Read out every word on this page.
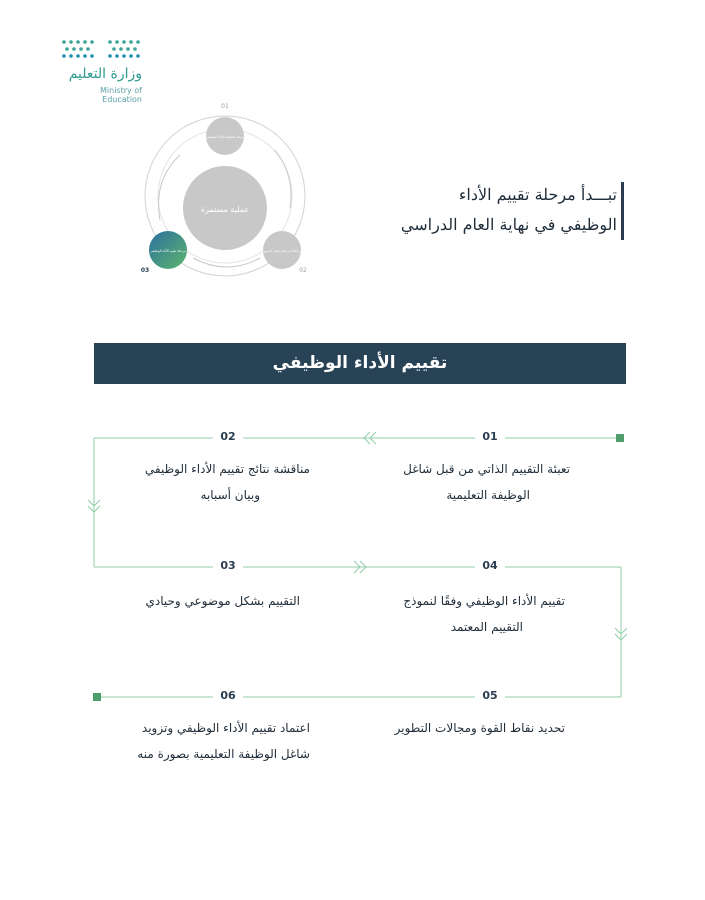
وزارة التعليم
Ministry of Education
عملية مستمرة
مرحلة تخطيط الأداء الوظيفي
01
مرحلة المراجعة نصف السنوية
02
مرحلة تقييم الأداء الوظيفي
03
تبـــدأ مرحلة تقييم الأداء
الوظيفي في نهاية العام الدراسي
تقييم الأداء الوظيفي
01
02
03	04
05
06
تعبئة التقييم الذاتي من قبل شاغل
الوظيفة التعليمية
مناقشة نتائج تقييم الأداء الوظيفي
وبيان أسبابه
التقييم بشكل موضوعي وحيادي	تقييم الأداء الوظيفي وفقًا لنموذج
التقييم المعتمد
تحديد نقاط القوة ومجالات التطوير
اعتماد تقييم الأداء الوظيفي وتزويد
شاغل الوظيفة التعليمية بصورة منه
